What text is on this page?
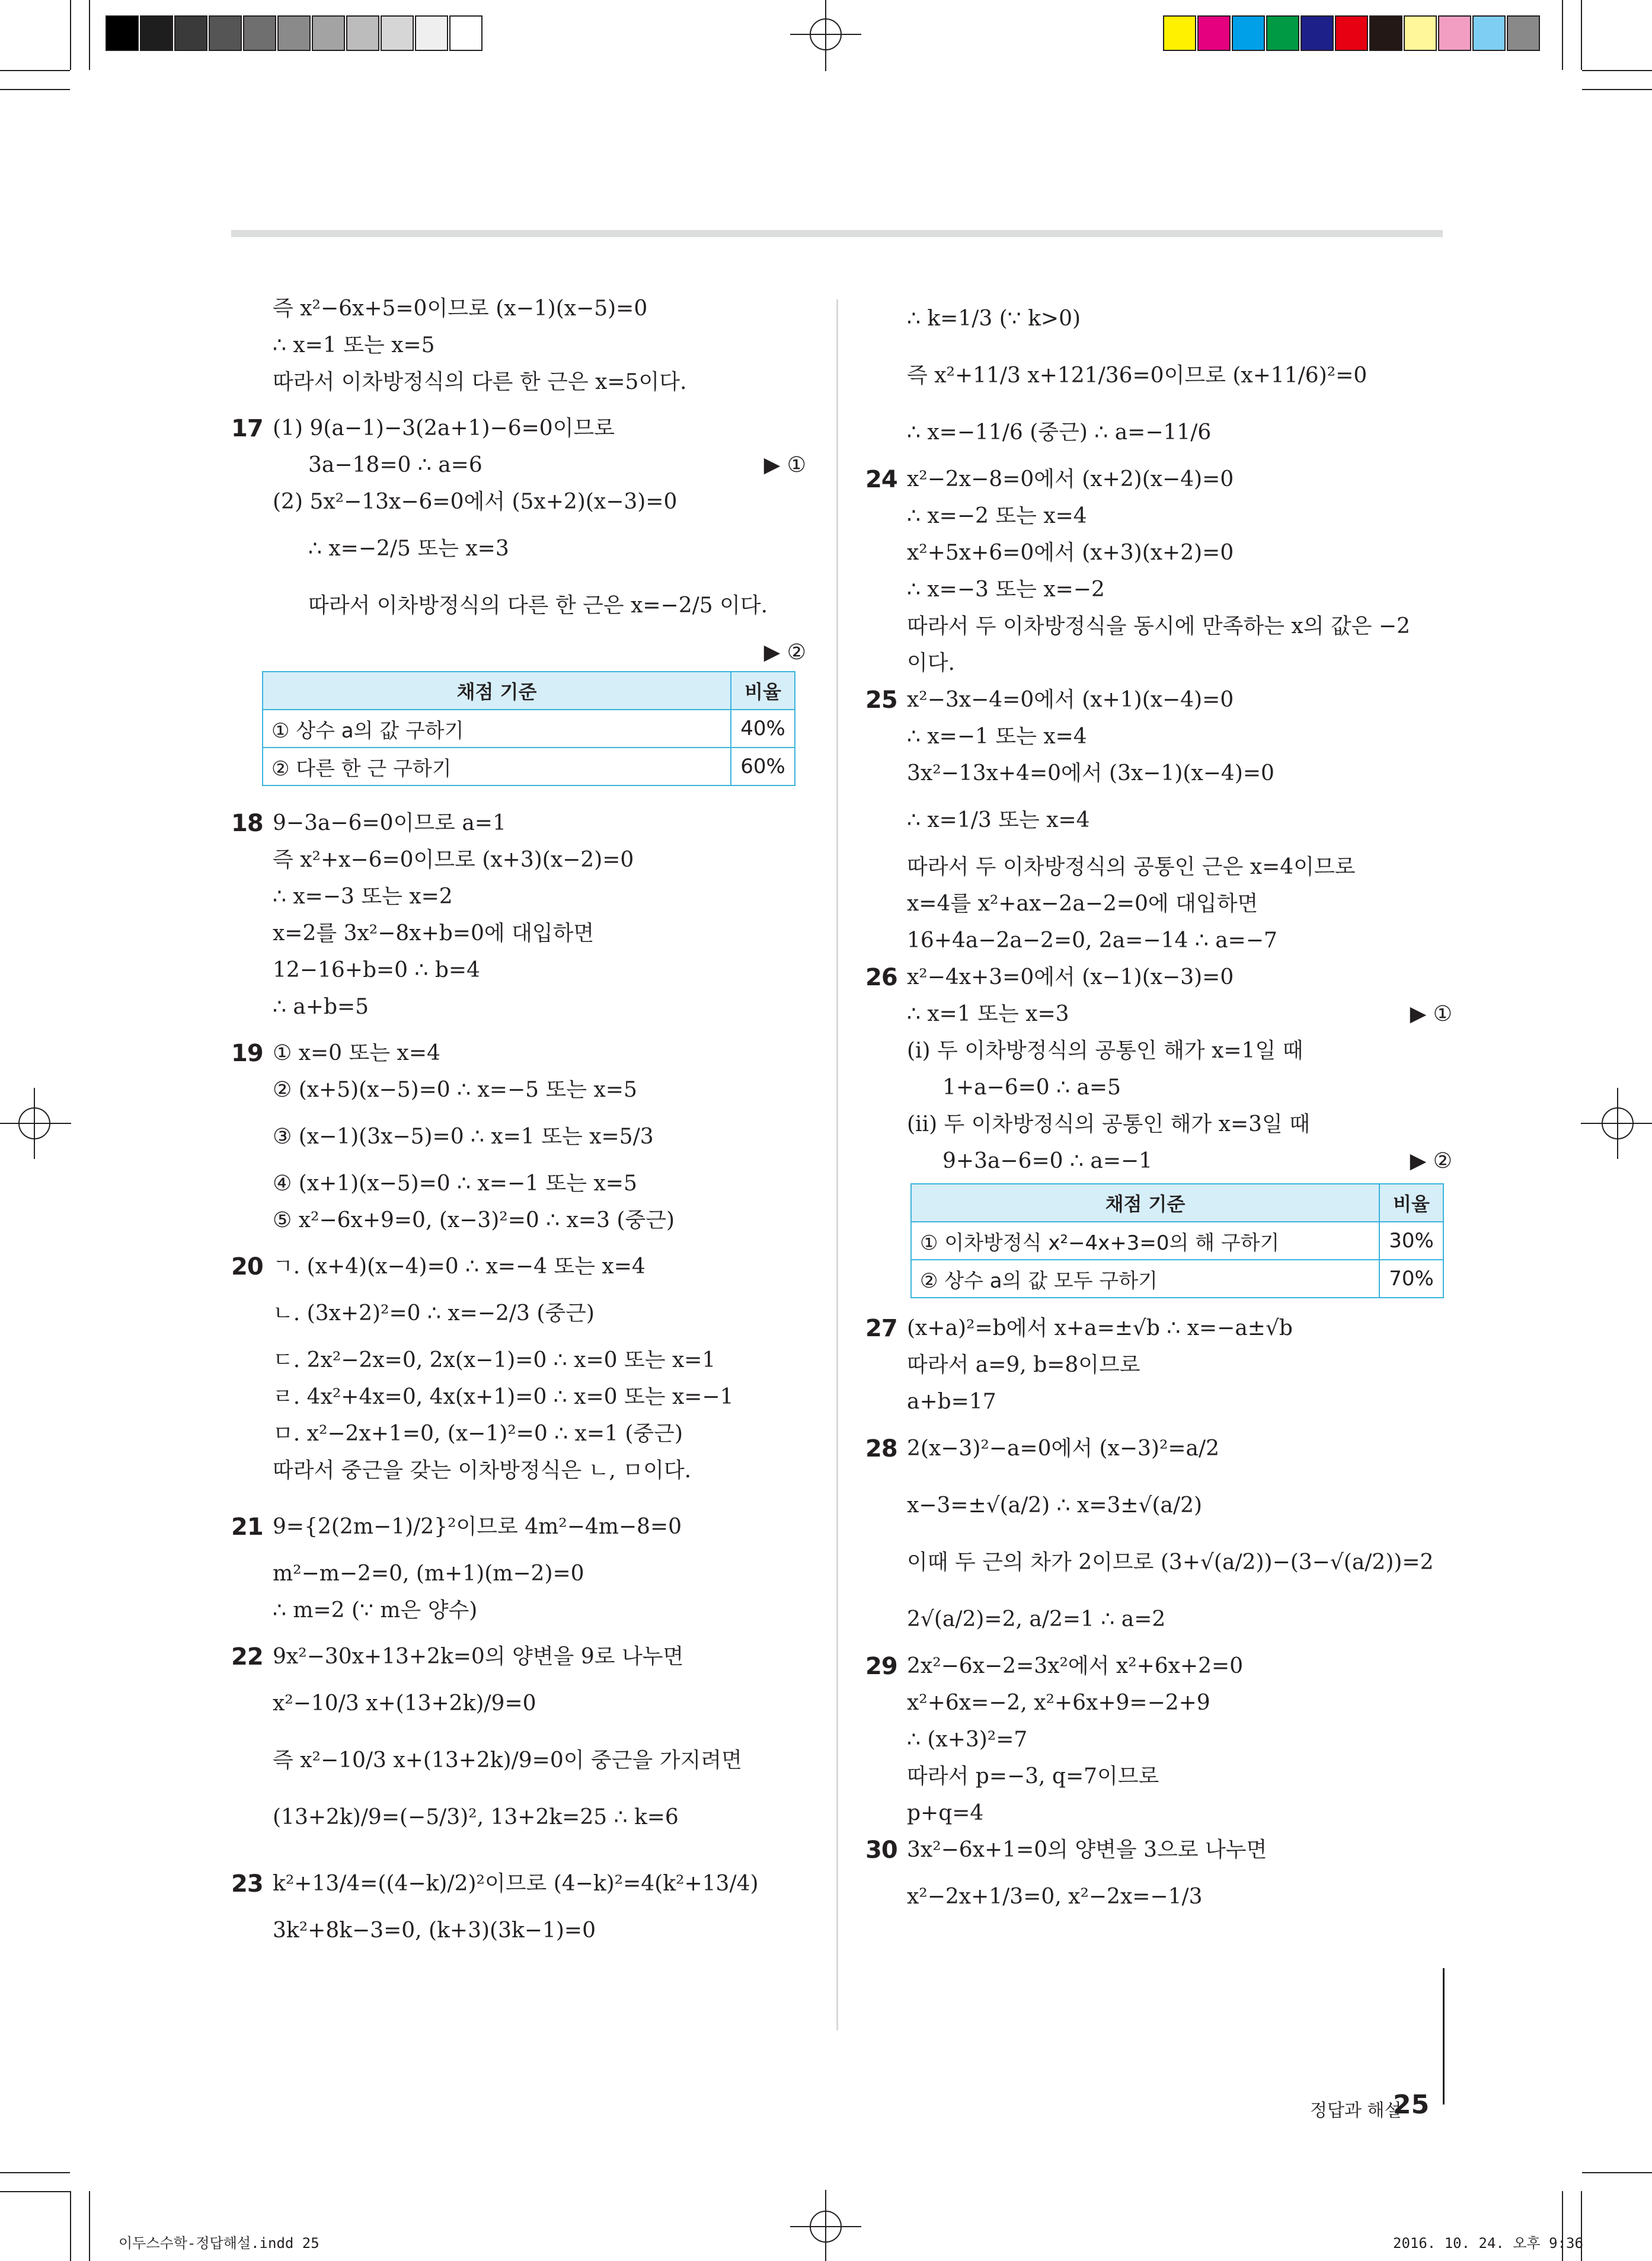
즉 x²−6x+5=0이므로 (x−1)(x−5)=0
∴ x=1 또는 x=5
따라서 이차방정식의 다른 한 근은 x=5이다.
17 (1) 9(a−1)−3(2a+1)−6=0이므로
3a−18=0 ∴ a=6	▶ ①
(2) 5x²−13x−6=0에서 (5x+2)(x−3)=0
∴ x=−2/5 또는 x=3
따라서 이차방정식의 다른 한 근은 x=−2/5 이다.
▶ ②
채점 기준	비율
① 상수 a의 값 구하기	40%
② 다른 한 근 구하기	60%
18 9−3a−6=0이므로 a=1
즉 x²+x−6=0이므로 (x+3)(x−2)=0
∴ x=−3 또는 x=2
x=2를 3x²−8x+b=0에 대입하면
12−16+b=0 ∴ b=4
∴ a+b=5
19 ① x=0 또는 x=4
② (x+5)(x−5)=0 ∴ x=−5 또는 x=5
③ (x−1)(3x−5)=0 ∴ x=1 또는 x=5/3
④ (x+1)(x−5)=0 ∴ x=−1 또는 x=5
⑤ x²−6x+9=0, (x−3)²=0 ∴ x=3 (중근)
20 ㄱ. (x+4)(x−4)=0 ∴ x=−4 또는 x=4
ㄴ. (3x+2)²=0 ∴ x=−2/3 (중근)
ㄷ. 2x²−2x=0, 2x(x−1)=0 ∴ x=0 또는 x=1
ㄹ. 4x²+4x=0, 4x(x+1)=0 ∴ x=0 또는 x=−1
ㅁ. x²−2x+1=0, (x−1)²=0 ∴ x=1 (중근)
따라서 중근을 갖는 이차방정식은 ㄴ, ㅁ이다.
21 9={2(2m−1)/2}²이므로 4m²−4m−8=0
m²−m−2=0, (m+1)(m−2)=0
∴ m=2 (∵ m은 양수)
22 9x²−30x+13+2k=0의 양변을 9로 나누면
x²−10/3 x+(13+2k)/9=0
즉 x²−10/3 x+(13+2k)/9=0이 중근을 가지려면
(13+2k)/9=(−5/3)², 13+2k=25 ∴ k=6
23 k²+13/4=((4−k)/2)²이므로 (4−k)²=4(k²+13/4)
3k²+8k−3=0, (k+3)(3k−1)=0
∴ k=1/3 (∵ k>0)
즉 x²+11/3 x+121/36=0이므로 (x+11/6)²=0
∴ x=−11/6 (중근) ∴ a=−11/6
24 x²−2x−8=0에서 (x+2)(x−4)=0
∴ x=−2 또는 x=4
x²+5x+6=0에서 (x+3)(x+2)=0
∴ x=−3 또는 x=−2
따라서 두 이차방정식을 동시에 만족하는 x의 값은 −2
이다.
25 x²−3x−4=0에서 (x+1)(x−4)=0
∴ x=−1 또는 x=4
3x²−13x+4=0에서 (3x−1)(x−4)=0
∴ x=1/3 또는 x=4
따라서 두 이차방정식의 공통인 근은 x=4이므로
x=4를 x²+ax−2a−2=0에 대입하면
16+4a−2a−2=0, 2a=−14 ∴ a=−7
26 x²−4x+3=0에서 (x−1)(x−3)=0
∴ x=1 또는 x=3	▶ ①
(ⅰ) 두 이차방정식의 공통인 해가 x=1일 때
1+a−6=0 ∴ a=5
(ⅱ) 두 이차방정식의 공통인 해가 x=3일 때
9+3a−6=0 ∴ a=−1	▶ ②
채점 기준	비율
① 이차방정식 x²−4x+3=0의 해 구하기	30%
② 상수 a의 값 모두 구하기	70%
27 (x+a)²=b에서 x+a=±√b ∴ x=−a±√b
따라서 a=9, b=8이므로
a+b=17
28 2(x−3)²−a=0에서 (x−3)²=a/2
x−3=±√(a/2) ∴ x=3±√(a/2)
이때 두 근의 차가 2이므로 (3+√(a/2))−(3−√(a/2))=2
2√(a/2)=2, a/2=1 ∴ a=2
29 2x²−6x−2=3x²에서 x²+6x+2=0
x²+6x=−2, x²+6x+9=−2+9
∴ (x+3)²=7
따라서 p=−3, q=7이므로
p+q=4
30 3x²−6x+1=0의 양변을 3으로 나누면
x²−2x+1/3=0, x²−2x=−1/3
정답과 해설
25
이두스수학-정답해설.indd 25	2016. 10. 24. 오후 9:36
